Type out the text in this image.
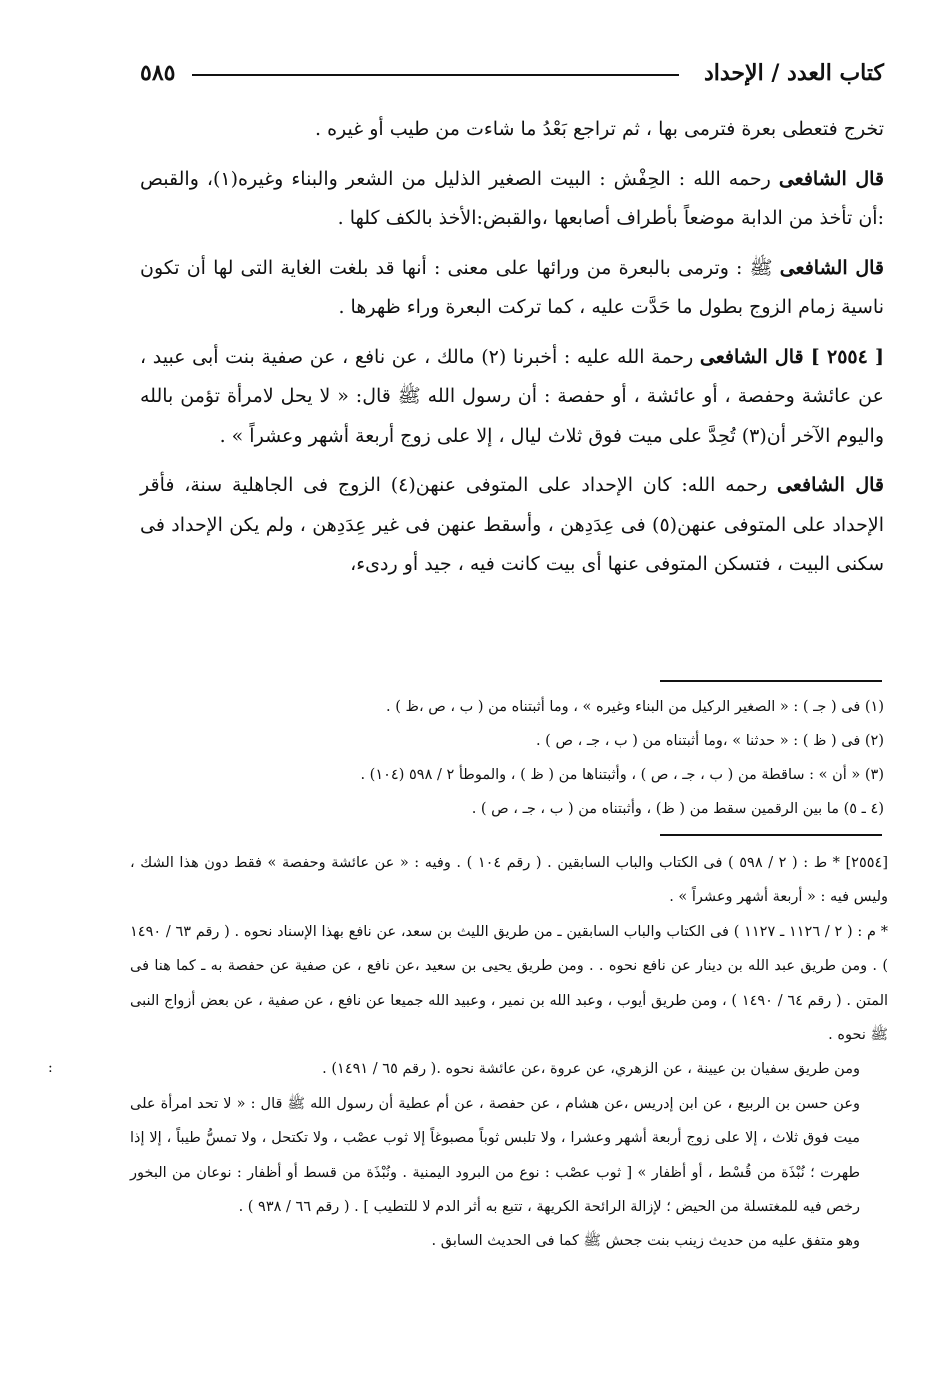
كتاب العدد / الإحداد
٥٨٥

تخرج فتعطى بعرة فترمى بها ، ثم تراجع بَعْدُ ما شاءت من طيب أو غيره .

قال الشافعى رحمه الله : الحِفْش : البيت الصغير الذليل من الشعر والبناء وغيره(١)، والقبص :أن تأخذ من الدابة موضعاً بأطراف أصابعها ،والقبض:الأخذ بالكف كلها .

قال الشافعى ﷺ : وترمى بالبعرة من ورائها على معنى : أنها قد بلغت الغاية التى لها أن تكون ناسية زمام الزوج بطول ما حَدَّت عليه ، كما تركت البعرة وراء ظهرها .

[ ٢٥٥٤ ] قال الشافعى رحمة الله عليه : أخبرنا (٢) مالك ، عن نافع ، عن صفية بنت أبى عبيد ، عن عائشة وحفصة ، أو عائشة ، أو حفصة : أن رسول الله ﷺ قال: « لا يحل لامرأة تؤمن بالله واليوم الآخر أن(٣) تُحِدَّ على ميت فوق ثلاث ليال ، إلا على زوج أربعة أشهر وعشراً » .

قال الشافعى رحمه الله: كان الإحداد على المتوفى عنهن(٤) الزوج فى الجاهلية سنة، فأقر الإحداد على المتوفى عنهن(٥) فى عِدَدِهن ، وأسقط عنهن فى غير عِدَدِهن ، ولم يكن الإحداد فى سكنى البيت ، فتسكن المتوفى عنها أى بيت كانت فيه ، جيد أو ردىء،

(١) فى ( جـ ) : « الصغير الركيل من البناء وغيره » ، وما أثبتناه من ( ب ، ص ،ظ ) .
(٢) فى ( ظ ) : « حدثنا » ،وما أثبتناه من ( ب ، جـ ، ص ) .
(٣) « أن » : ساقطة من ( ب ، جـ ، ص ) ، وأثبتناها من ( ظ ) ، والموطأ ٢ / ٥٩٨ (١٠٤) .
(٤ ـ ٥) ما بين الرقمين سقط من ( ظ) ، وأثبتناه من ( ب ، جـ ، ص ) .

[٢٥٥٤] * ط : ( ٢ / ٥٩٨ ) فى الكتاب والباب السابقين . ( رقم ١٠٤ ) . وفيه : « عن عائشة وحفصة » فقط دون هذا الشك ، وليس فيه : « أربعة أشهر وعشراً » .

* م : ( ٢ / ١١٢٦ ـ ١١٢٧ ) فى الكتاب والباب السابقين ـ من طريق الليث بن سعد، عن نافع بهذا الإسناد نحوه . ( رقم ٦٣ / ١٤٩٠ ) . ومن طريق عبد الله بن دينار عن نافع نحوه . . ومن طريق يحيى بن سعيد ،عن نافع ، عن صفية عن حفصة به ـ كما هنا فى المتن . ( رقم ٦٤ / ١٤٩٠ ) ، ومن طريق أيوب ، وعبد الله بن نمير ، وعبيد الله جميعا عن نافع ، عن صفية ، عن بعض أزواج النبى ﷺ نحوه .

ومن طريق سفيان بن عيينة ، عن الزهري، عن عروة ،عن عائشة نحوه .( رقم ٦٥ / ١٤٩١) .

وعن حسن بن الربيع ، عن ابن إدريس ،عن هشام ، عن حفصة ، عن أم عطية أن رسول الله ﷺ قال : « لا تحد امرأة على ميت فوق ثلاث ، إلا على زوج أربعة أشهر وعشرا ، ولا تلبس ثوباً مصبوغاً إلا ثوب عصْب ، ولا تكتحل ، ولا تمسُّ طيباً ، إلا إذا طهرت ؛ نُبْذَة من قُسْط ، أو أظفار » [ ثوب عصْب : نوع من البرود اليمنية . ونُبْذَة من قسط أو أظفار : نوعان من البخور رخص فيه للمغتسلة من الحيض ؛ لإزالة الرائحة الكريهة ، تتبع به أثر الدم لا للتطيب ] . ( رقم ٦٦ / ٩٣٨ ) .

وهو متفق عليه من حديث زينب بنت جحش ﷺ كما فى الحديث السابق .

:
